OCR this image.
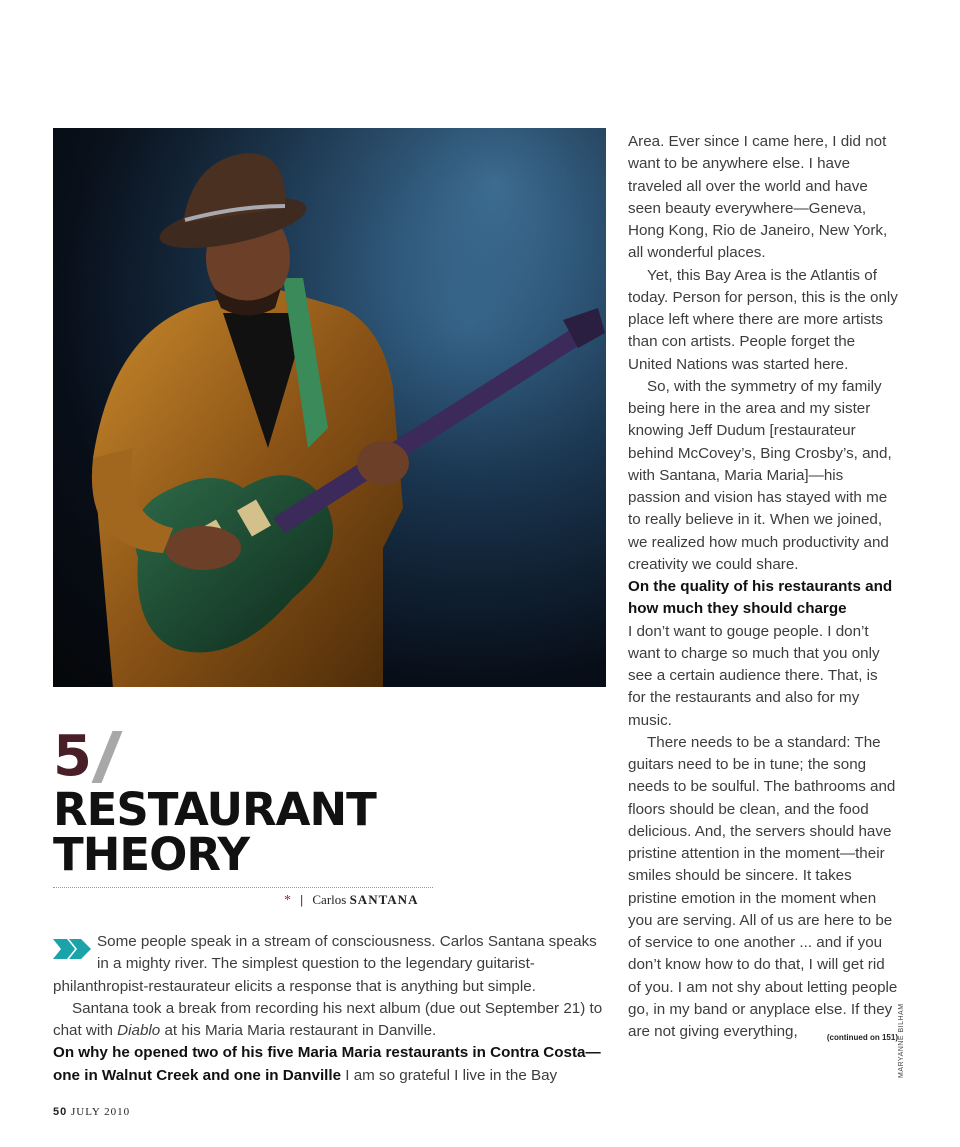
5
RESTAURANT
THEORY
* | Carlos SANTANA

Some people speak in a stream of consciousness. Carlos Santana speaks in a mighty river. The simplest question to the legendary guitarist-philanthropist-restaurateur elicits a response that is anything but simple.

Santana took a break from recording his next album (due out September 21) to chat with Diablo at his Maria Maria restaurant in Danville.

On why he opened two of his five Maria Maria restaurants in Contra Costa—one in Walnut Creek and one in Danville I am so grateful I live in the Bay

Area. Ever since I came here, I did not want to be anywhere else. I have traveled all over the world and have seen beauty everywhere—Geneva, Hong Kong, Rio de Janeiro, New York, all wonderful places.

Yet, this Bay Area is the Atlantis of today. Person for person, this is the only place left where there are more artists than con artists. People forget the United Nations was started here.

So, with the symmetry of my family being here in the area and my sister knowing Jeff Dudum [restaurateur behind McCovey’s, Bing Crosby’s, and, with Santana, Maria Maria]—his passion and vision has stayed with me to really believe in it. When we joined, we realized how much productivity and creativity we could share.

On the quality of his restaurants and how much they should charge

I don’t want to gouge people. I don’t want to charge so much that you only see a certain audience there. That, is for the restaurants and also for my music.

There needs to be a standard: The guitars need to be in tune; the song needs to be soulful. The bathrooms and floors should be clean, and the food delicious. And, the servers should have pristine attention in the moment—their smiles should be sincere. It takes pristine emotion in the moment when you are serving. All of us are here to be of service to one another ... and if you don’t know how to do that, I will get rid of you. I am not shy about letting people go, in my band or anyplace else. If they are not giving everything,	(continued on 151) MARYANNE BILHAM
50 JULY 2010
